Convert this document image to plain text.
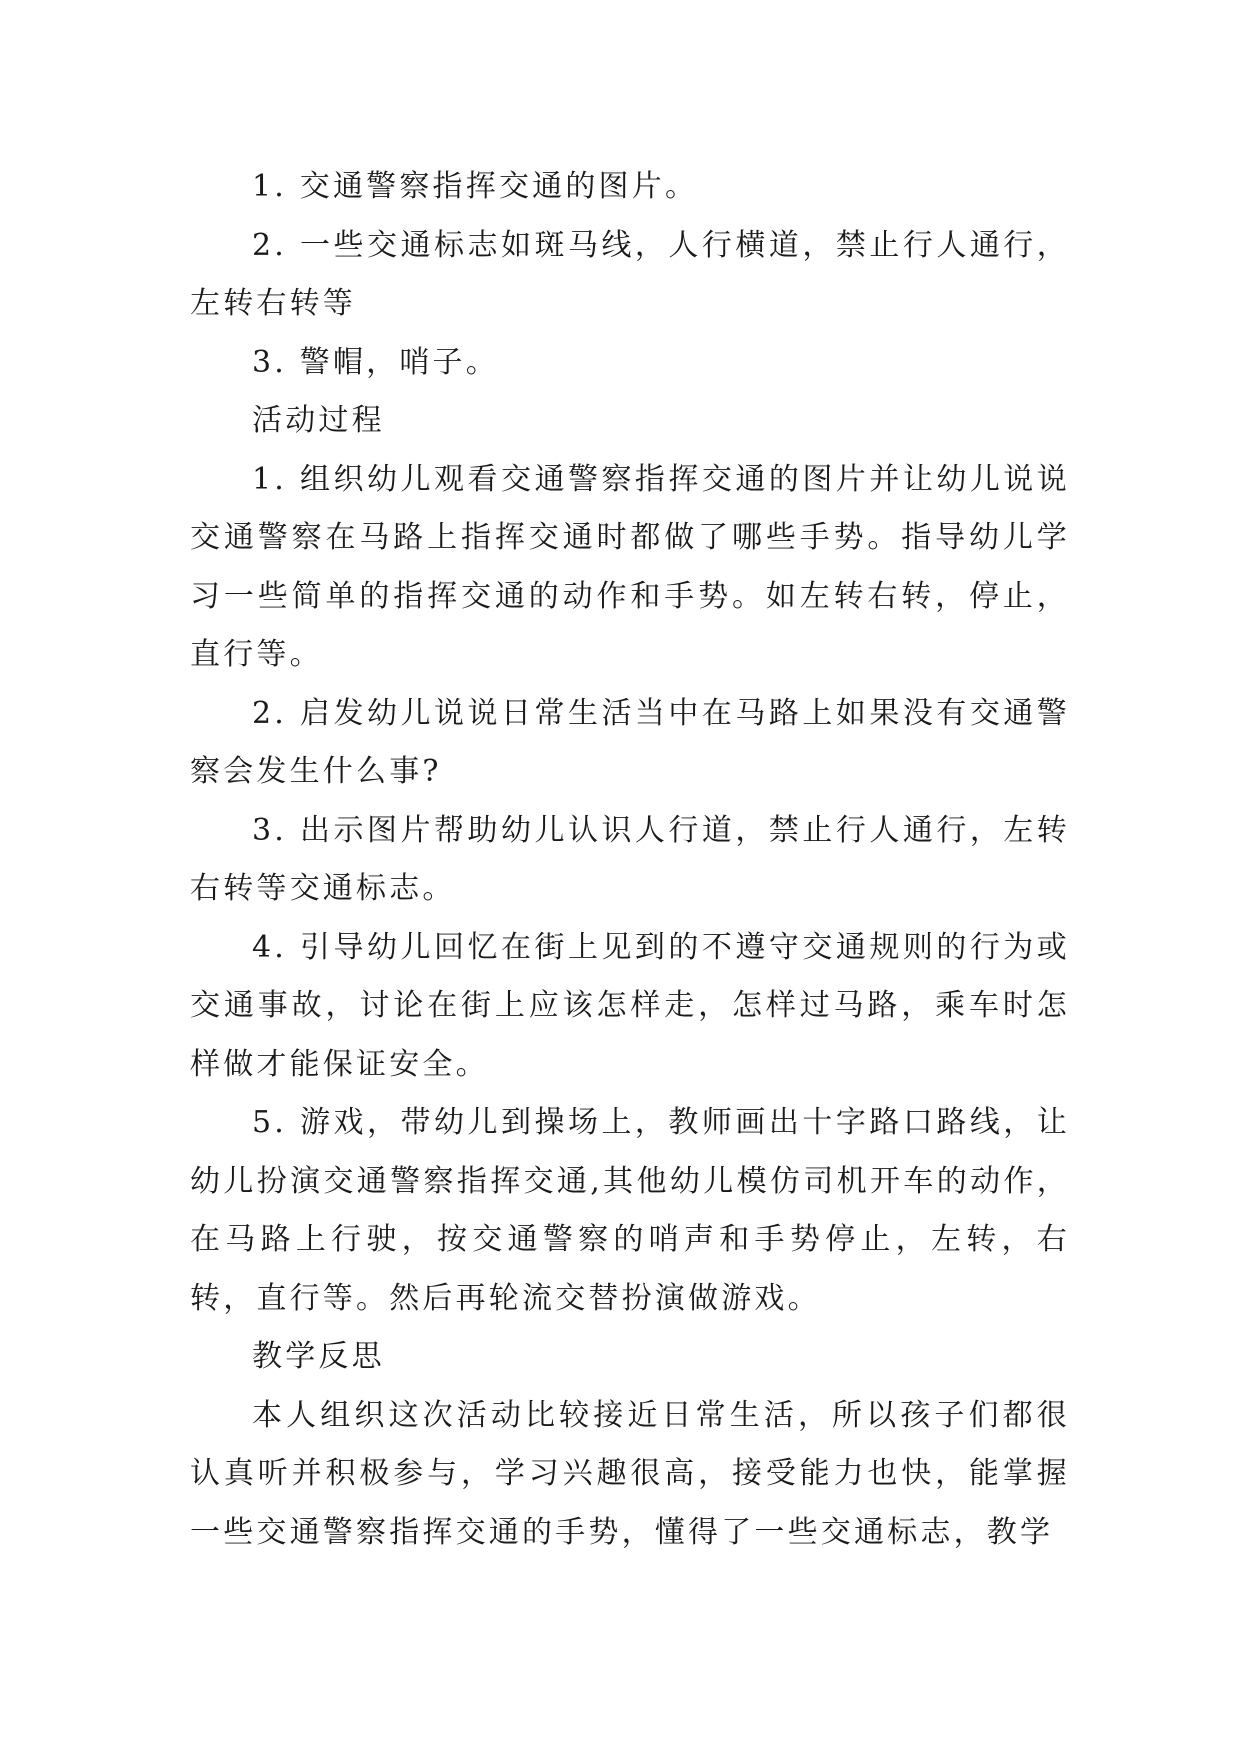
1. 交通警察指挥交通的图片。

2. 一些交通标志如斑马线，人行横道，禁止行人通行，左转右转等

3. 警帽，哨子。

活动过程

1. 组织幼儿观看交通警察指挥交通的图片并让幼儿说说交通警察在马路上指挥交通时都做了哪些手势。指导幼儿学习一些简单的指挥交通的动作和手势。如左转右转，停止，直行等。

2. 启发幼儿说说日常生活当中在马路上如果没有交通警察会发生什么事?

3. 出示图片帮助幼儿认识人行道，禁止行人通行，左转右转等交通标志。

4. 引导幼儿回忆在街上见到的不遵守交通规则的行为或交通事故，讨论在街上应该怎样走，怎样过马路，乘车时怎样做才能保证安全。

5. 游戏，带幼儿到操场上，教师画出十字路口路线，让幼儿扮演交通警察指挥交通,其他幼儿模仿司机开车的动作，在马路上行驶，按交通警察的哨声和手势停止，左转，右转，直行等。然后再轮流交替扮演做游戏。

教学反思

本人组织这次活动比较接近日常生活，所以孩子们都很认真听并积极参与，学习兴趣很高，接受能力也快，能掌握一些交通警察指挥交通的手势，懂得了一些交通标志，教学
